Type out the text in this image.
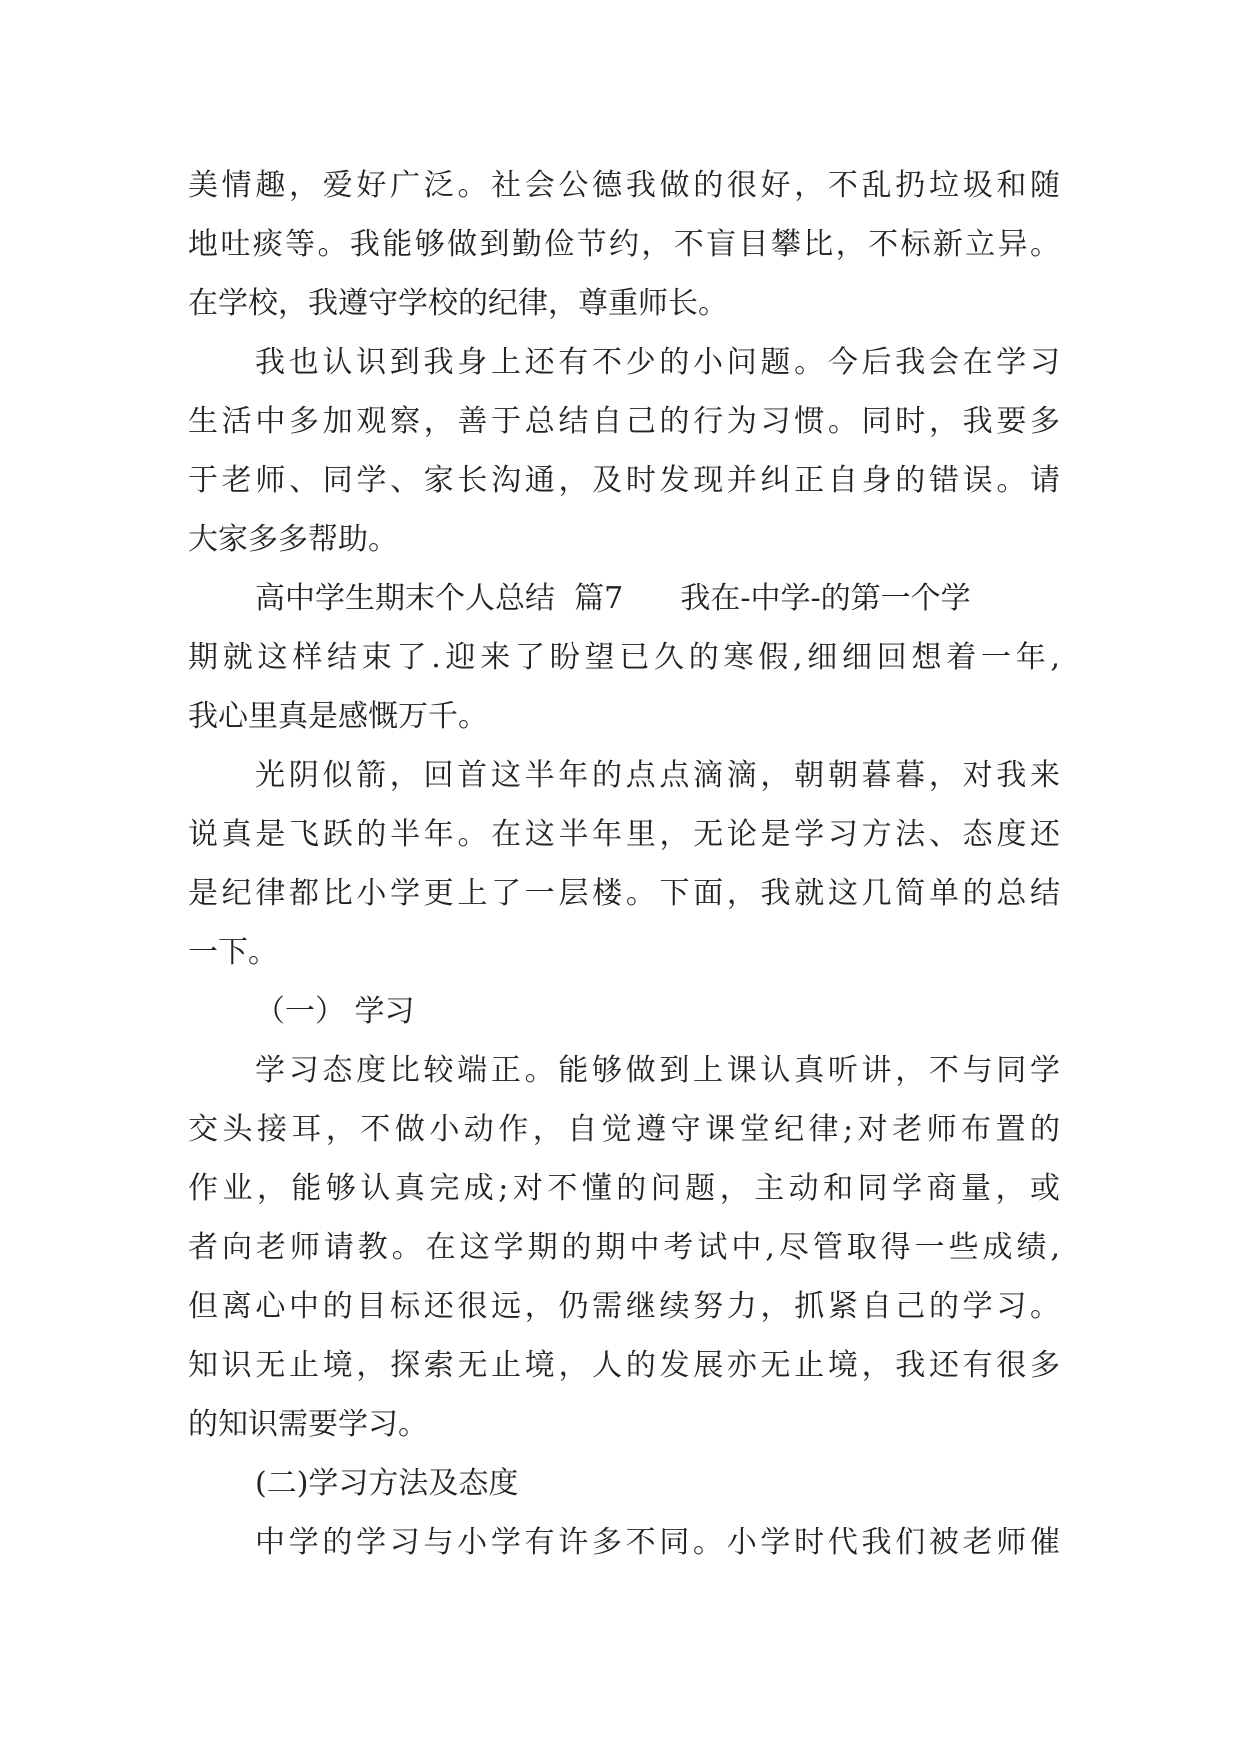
美情趣，爱好广泛。社会公德我做的很好，不乱扔垃圾和随
地吐痰等。我能够做到勤俭节约，不盲目攀比，不标新立异。
在学校，我遵守学校的纪律，尊重师长。
我也认识到我身上还有不少的小问题。今后我会在学习
生活中多加观察，善于总结自己的行为习惯。同时，我要多
于老师、同学、家长沟通，及时发现并纠正自身的错误。请
大家多多帮助。
高中学生期末个人总结  篇7      我在-中学-的第一个学
期就这样结束了.迎来了盼望已久的寒假,细细回想着一年,
我心里真是感慨万千。
光阴似箭，回首这半年的点点滴滴，朝朝暮暮，对我来
说真是飞跃的半年。在这半年里，无论是学习方法、态度还
是纪律都比小学更上了一层楼。下面，我就这几简单的总结
一下。
（一） 学习
学习态度比较端正。能够做到上课认真听讲，不与同学
交头接耳，不做小动作，自觉遵守课堂纪律;对老师布置的
作业，能够认真完成;对不懂的问题，主动和同学商量，或
者向老师请教。在这学期的期中考试中,尽管取得一些成绩,
但离心中的目标还很远，仍需继续努力，抓紧自己的学习。
知识无止境，探索无止境，人的发展亦无止境，我还有很多
的知识需要学习。
(二)学习方法及态度
中学的学习与小学有许多不同。小学时代我们被老师催
